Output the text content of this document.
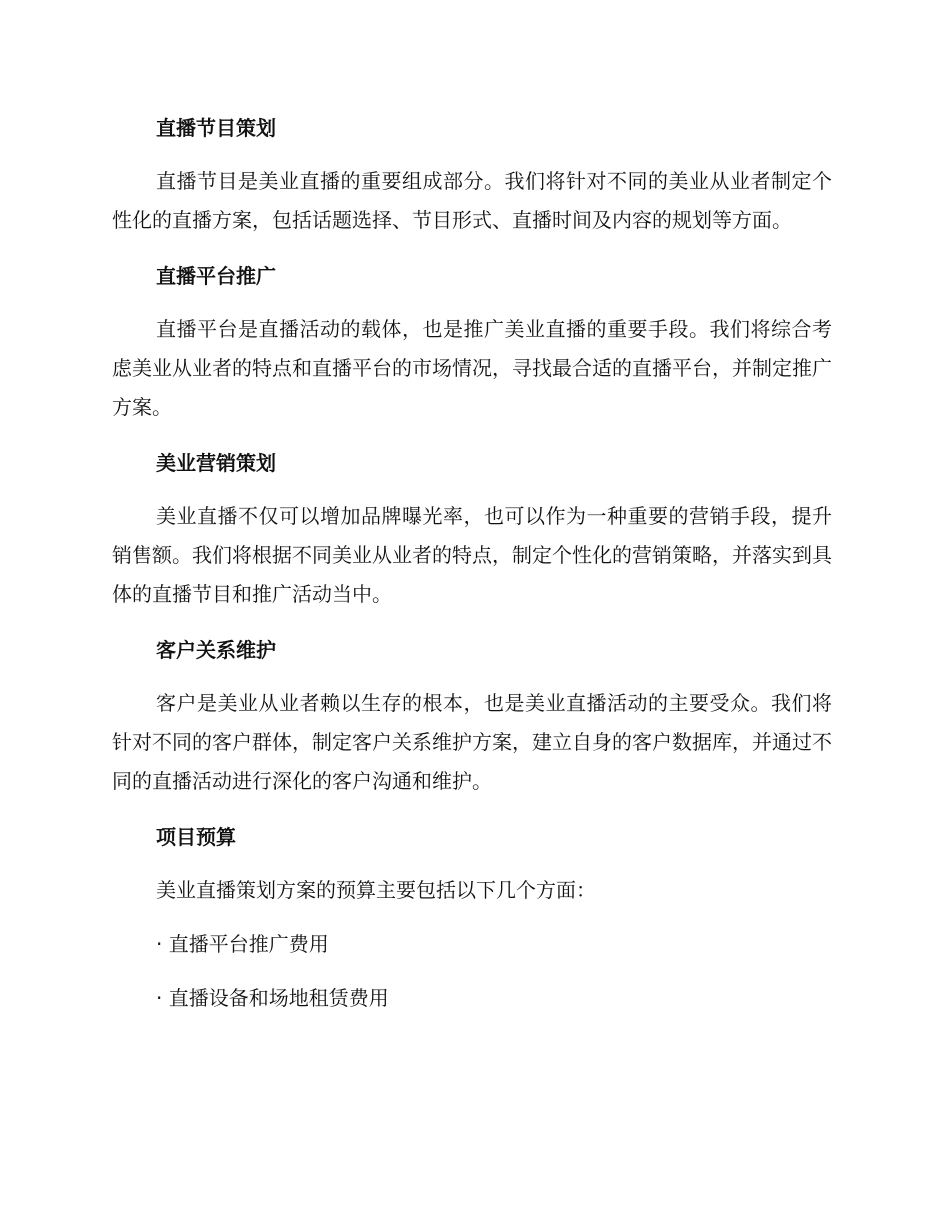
直播节目策划

直播节目是美业直播的重要组成部分。我们将针对不同的美业从业者制定个性化的直播方案，包括话题选择、节目形式、直播时间及内容的规划等方面。

直播平台推广

直播平台是直播活动的载体，也是推广美业直播的重要手段。我们将综合考虑美业从业者的特点和直播平台的市场情况，寻找最合适的直播平台，并制定推广方案。

美业营销策划

美业直播不仅可以增加品牌曝光率，也可以作为一种重要的营销手段，提升销售额。我们将根据不同美业从业者的特点，制定个性化的营销策略，并落实到具体的直播节目和推广活动当中。

客户关系维护

客户是美业从业者赖以生存的根本，也是美业直播活动的主要受众。我们将针对不同的客户群体，制定客户关系维护方案，建立自身的客户数据库，并通过不同的直播活动进行深化的客户沟通和维护。

项目预算

美业直播策划方案的预算主要包括以下几个方面：

· 直播平台推广费用
· 直播设备和场地租赁费用
